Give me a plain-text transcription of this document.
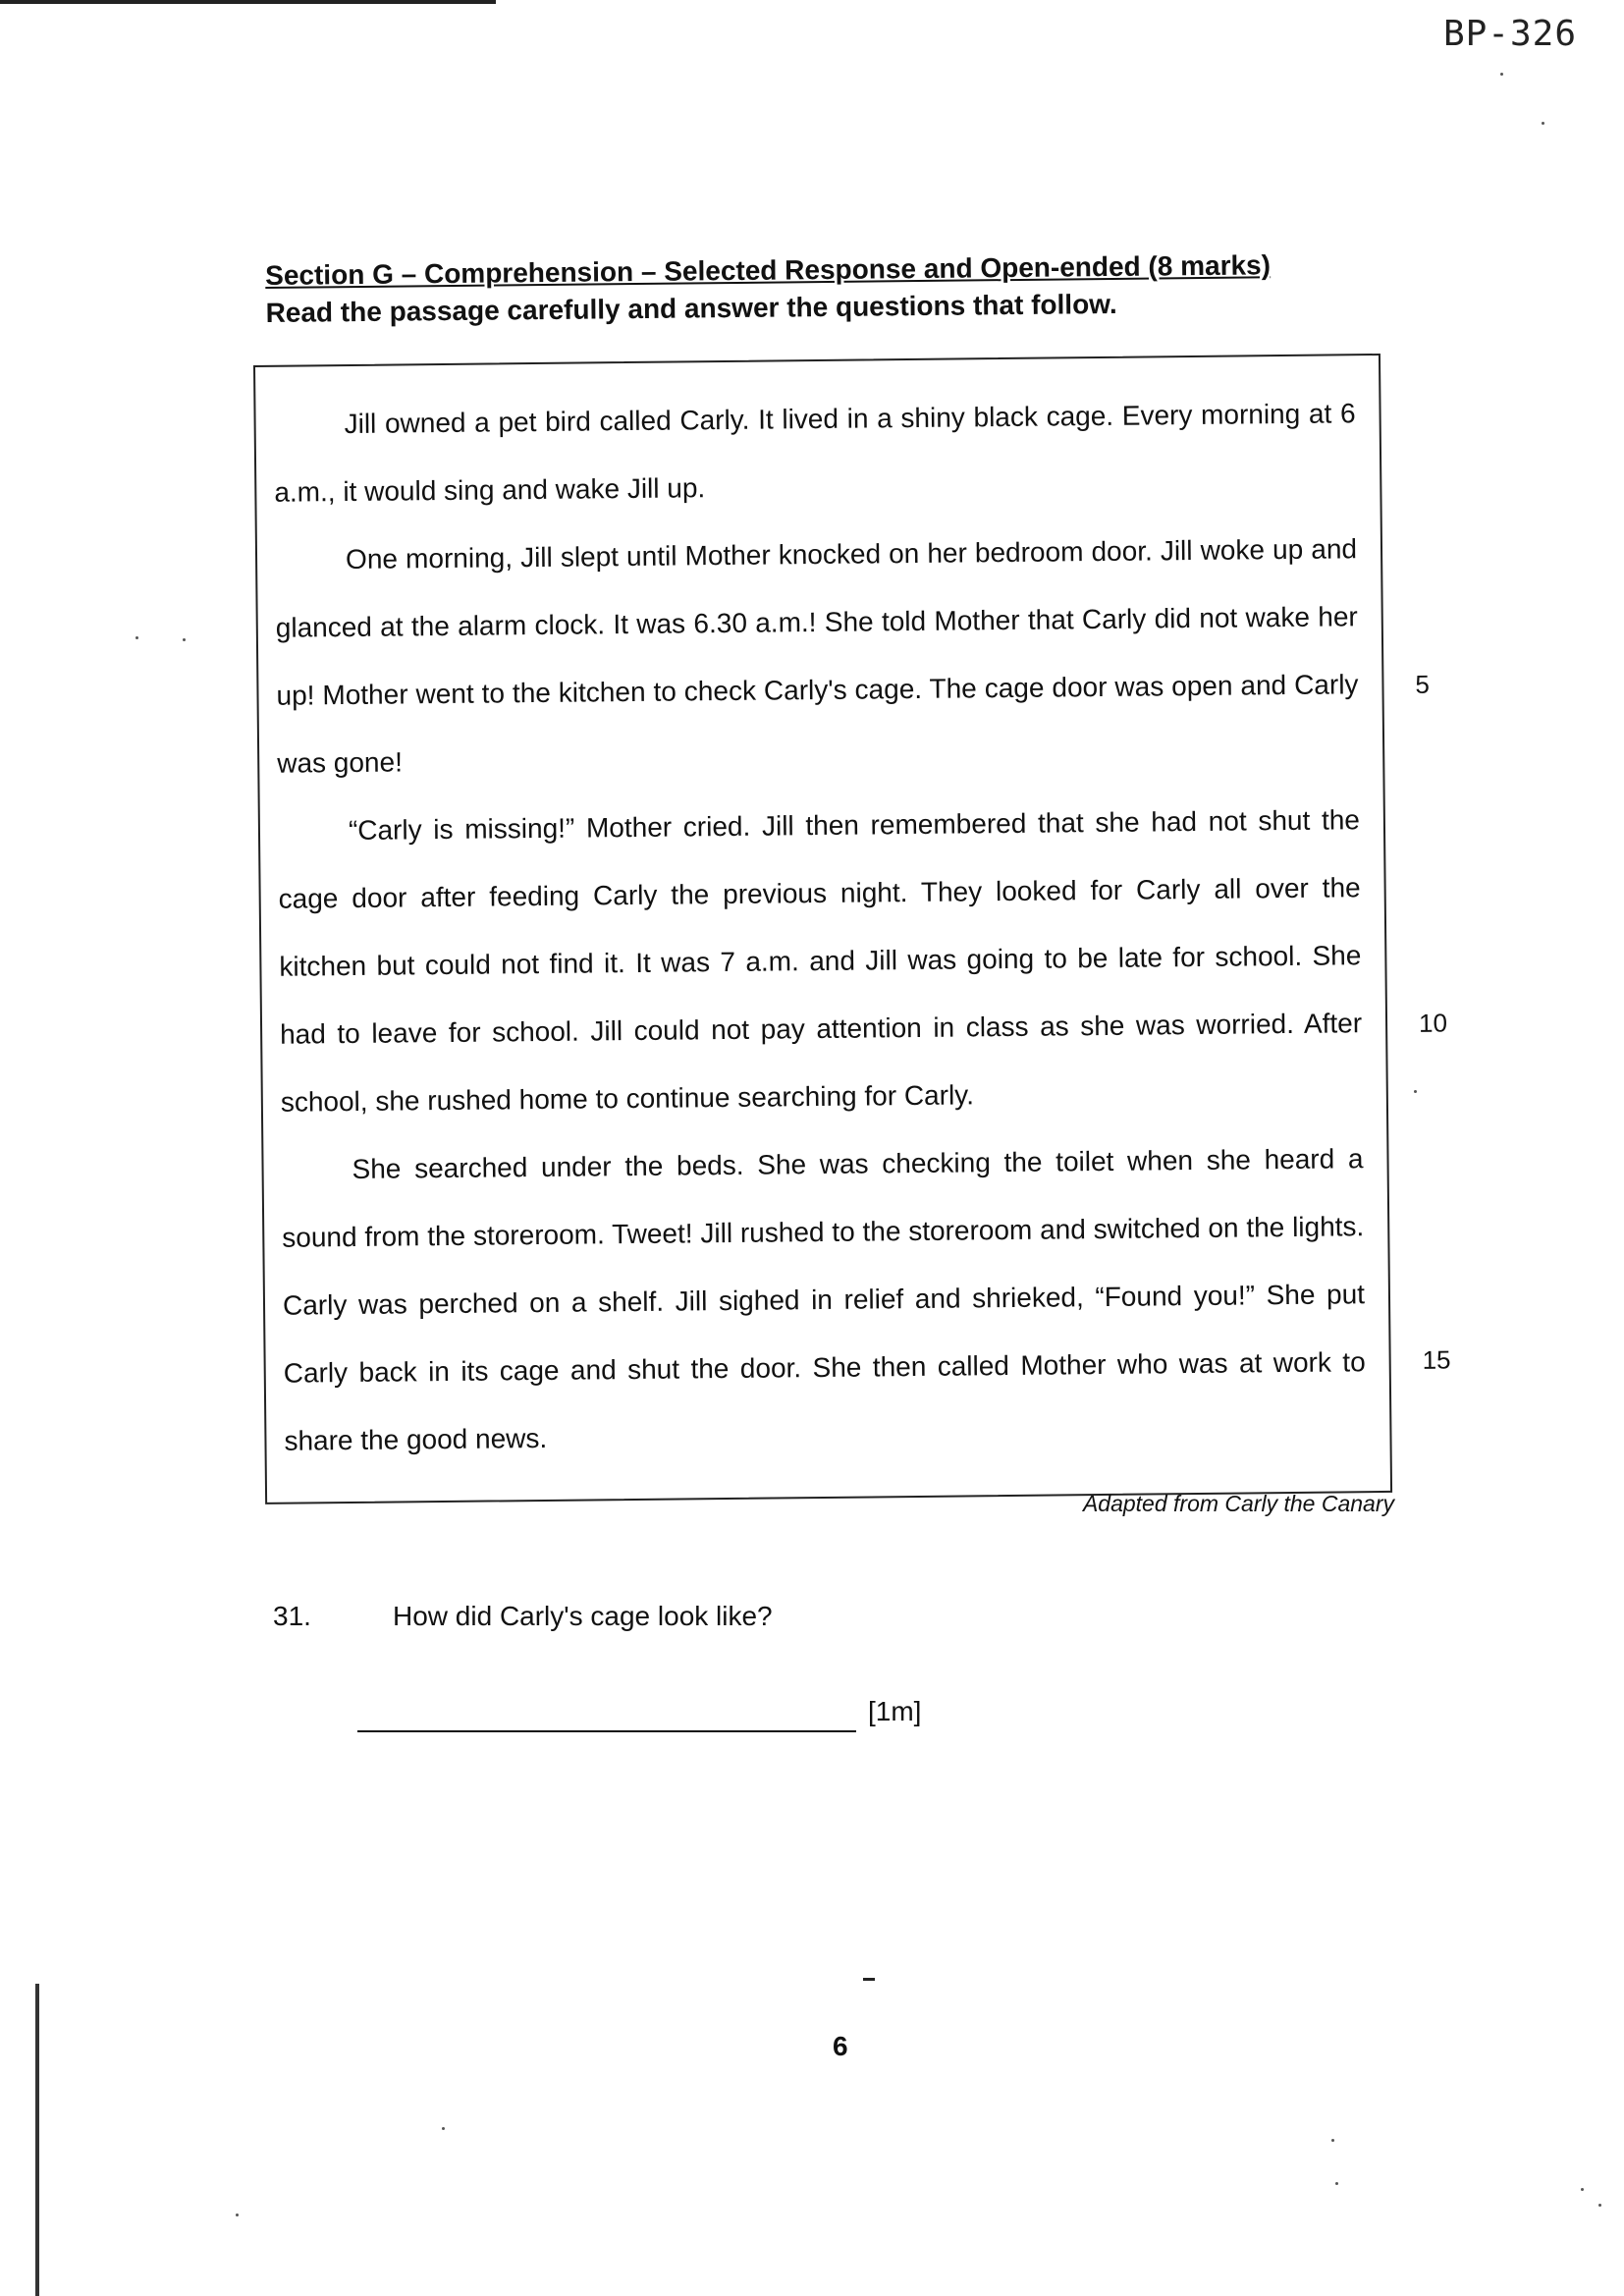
BP-326
Section G – Comprehension – Selected Response and Open-ended (8 marks)
Read the passage carefully and answer the questions that follow.

Jill owned a pet bird called Carly. It lived in a shiny black cage. Every morning at 6 a.m., it would sing and wake Jill up.

One morning, Jill slept until Mother knocked on her bedroom door. Jill woke up and glanced at the alarm clock. It was 6.30 a.m.! She told Mother that Carly did not wake her up! Mother went to the kitchen to check Carly's cage. The cage door was open and Carly was gone!

“Carly is missing!” Mother cried. Jill then remembered that she had not shut the cage door after feeding Carly the previous night. They looked for Carly all over the kitchen but could not find it. It was 7 a.m. and Jill was going to be late for school. She had to leave for school. Jill could not pay attention in class as she was worried. After school, she rushed home to continue searching for Carly.

She searched under the beds. She was checking the toilet when she heard a sound from the storeroom. Tweet! Jill rushed to the storeroom and switched on the lights. Carly was perched on a shelf. Jill sighed in relief and shrieked, “Found you!” She put Carly back in its cage and shut the door. She then called Mother who was at work to share the good news.

5
10
15
Adapted from Carly the Canary
31.	How did Carly's cage look like?
[1m]
6
